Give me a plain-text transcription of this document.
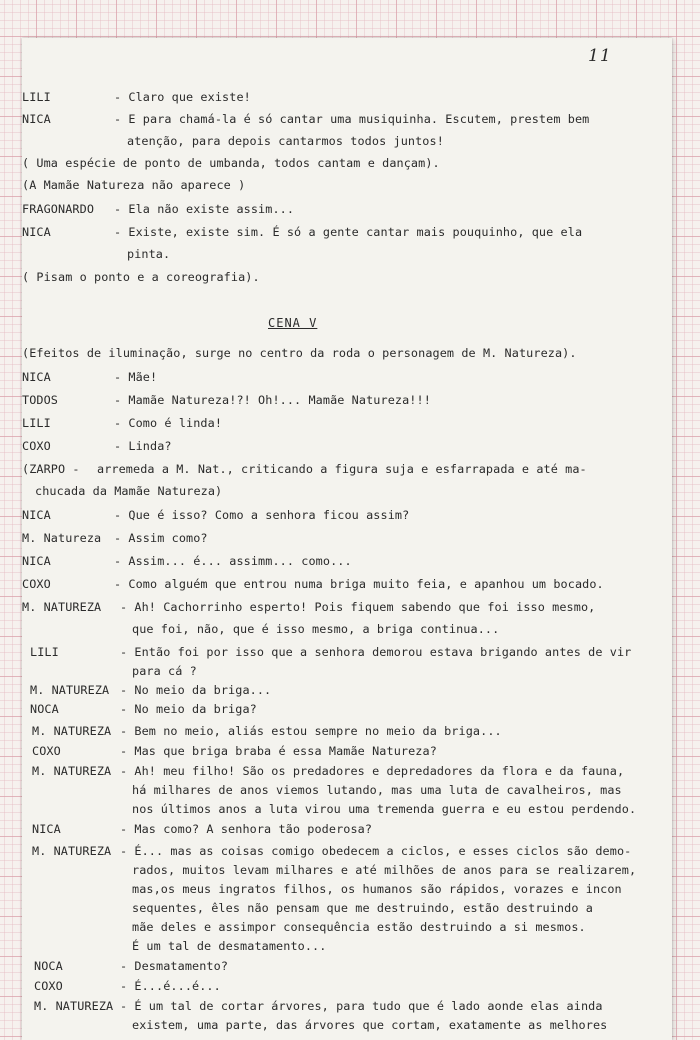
11
LILI	- Claro que existe!
NICA	- E para chamá-la é só cantar uma musiquinha. Escutem, prestem bem
atenção, para depois cantarmos todos juntos!
( Uma espécie de ponto de umbanda, todos cantam e dançam).
(A Mamãe Natureza não aparece )
FRAGONARDO - Ela não existe assim...
NICA	- Existe, existe sim. É só a gente cantar mais pouquinho, que ela
pinta.
( Pisam o ponto e a coreografia).
CENA V
(Efeitos de iluminação, surge no centro da roda o personagem de M. Natureza).
NICA	- Mãe!
TODOS	- Mamãe Natureza!?! Oh!... Mamãe Natureza!!!
LILI	- Como é linda!
COXO	- Linda?
(ZARPO - arremeda a M. Nat., criticando a figura suja e esfarrapada e até ma-
chucada da Mamãe Natureza)
NICA	- Que é isso? Como a senhora ficou assim?
M. Natureza - Assim como?
NICA	- Assim... é... assimm... como...
COXO	- Como alguém que entrou numa briga muito feia, e apanhou um bocado.
M. NATUREZA - Ah! Cachorrinho esperto! Pois fiquem sabendo que foi isso mesmo,
que foi, não, que é isso mesmo, a briga continua...
LILI	- Então foi por isso que a senhora demorou estava brigando antes de vir
para cá ?
M. NATUREZA - No meio da briga...
NOCA	- No meio da briga?
M. NATUREZA - Bem no meio, aliás estou sempre no meio da briga...
COXO	- Mas que briga braba é essa Mamãe Natureza?
M. NATUREZA - Ah! meu filho! São os predadores e depredadores da flora e da fauna,
há milhares de anos viemos lutando, mas uma luta de cavalheiros, mas
nos últimos anos a luta virou uma tremenda guerra e eu estou perdendo.
NICA	- Mas como? A senhora tão poderosa?
M. NATUREZA - É... mas as coisas comigo obedecem a ciclos, e esses ciclos são demo-
rados, muitos levam milhares e até milhões de anos para se realizarem,
mas,os meus ingratos filhos, os humanos são rápidos, vorazes e incon
sequentes, êles não pensam que me destruindo, estão destruindo a
mãe deles e assimpor consequência estão destruindo a si mesmos.
É um tal de desmatamento...
NOCA	- Desmatamento?
COXO	- É...é...é...
M. NATUREZA - É um tal de cortar árvores, para tudo que é lado aonde elas ainda
existem, uma parte, das árvores que cortam, exatamente as melhores
